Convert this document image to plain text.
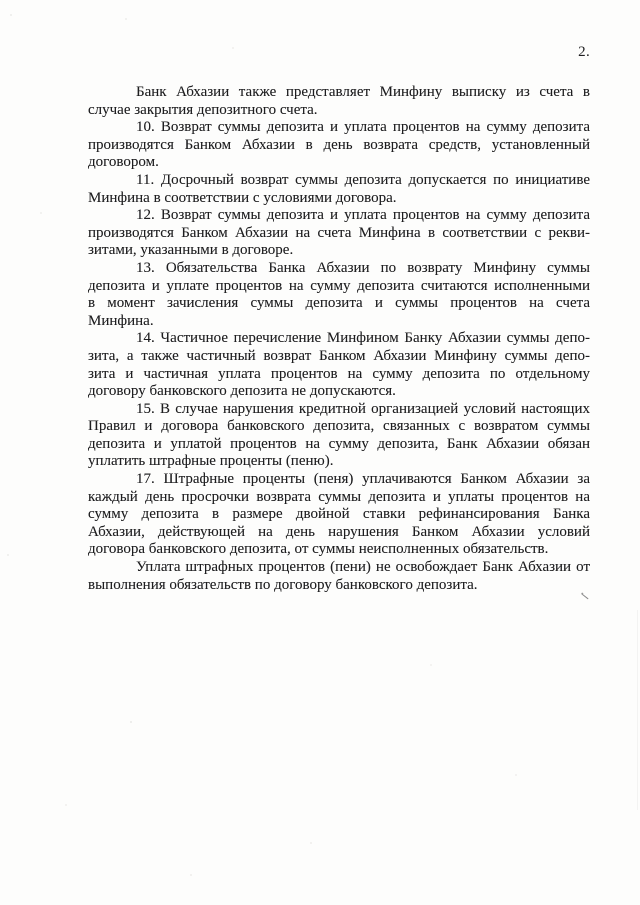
2.
Банк Абхазии также представляет Минфину выписку из счета в
случае закрытия депозитного счета.
10. Возврат суммы депозита и уплата процентов на сумму депозита
производятся Банком Абхазии в день возврата средств, установленный
договором.
11. Досрочный возврат суммы депозита допускается по инициативе
Минфина в соответствии с условиями договора.
12. Возврат суммы депозита и уплата процентов на сумму депозита
производятся Банком Абхазии на счета Минфина в соответствии с рекви-
зитами, указанными в договоре.
13. Обязательства Банка Абхазии по возврату Минфину суммы
депозита и уплате процентов на сумму депозита считаются исполненными
в момент зачисления суммы депозита и суммы процентов на счета
Минфина.
14. Частичное перечисление Минфином Банку Абхазии суммы депо-
зита, а также частичный возврат Банком Абхазии Минфину суммы депо-
зита и частичная уплата процентов на сумму депозита по отдельному
договору банковского депозита не допускаются.
15. В случае нарушения кредитной организацией условий настоящих
Правил и договора банковского депозита, связанных с возвратом суммы
депозита и уплатой процентов на сумму депозита, Банк Абхазии обязан
уплатить штрафные проценты (пеню).
17. Штрафные проценты (пеня) уплачиваются Банком Абхазии за
каждый день просрочки возврата суммы депозита и уплаты процентов на
сумму депозита в размере двойной ставки рефинансирования Банка
Абхазии, действующей на день нарушения Банком Абхазии условий
договора банковского депозита, от суммы неисполненных обязательств.
Уплата штрафных процентов (пени) не освобождает Банк Абхазии от
выполнения обязательств по договору банковского депозита.
